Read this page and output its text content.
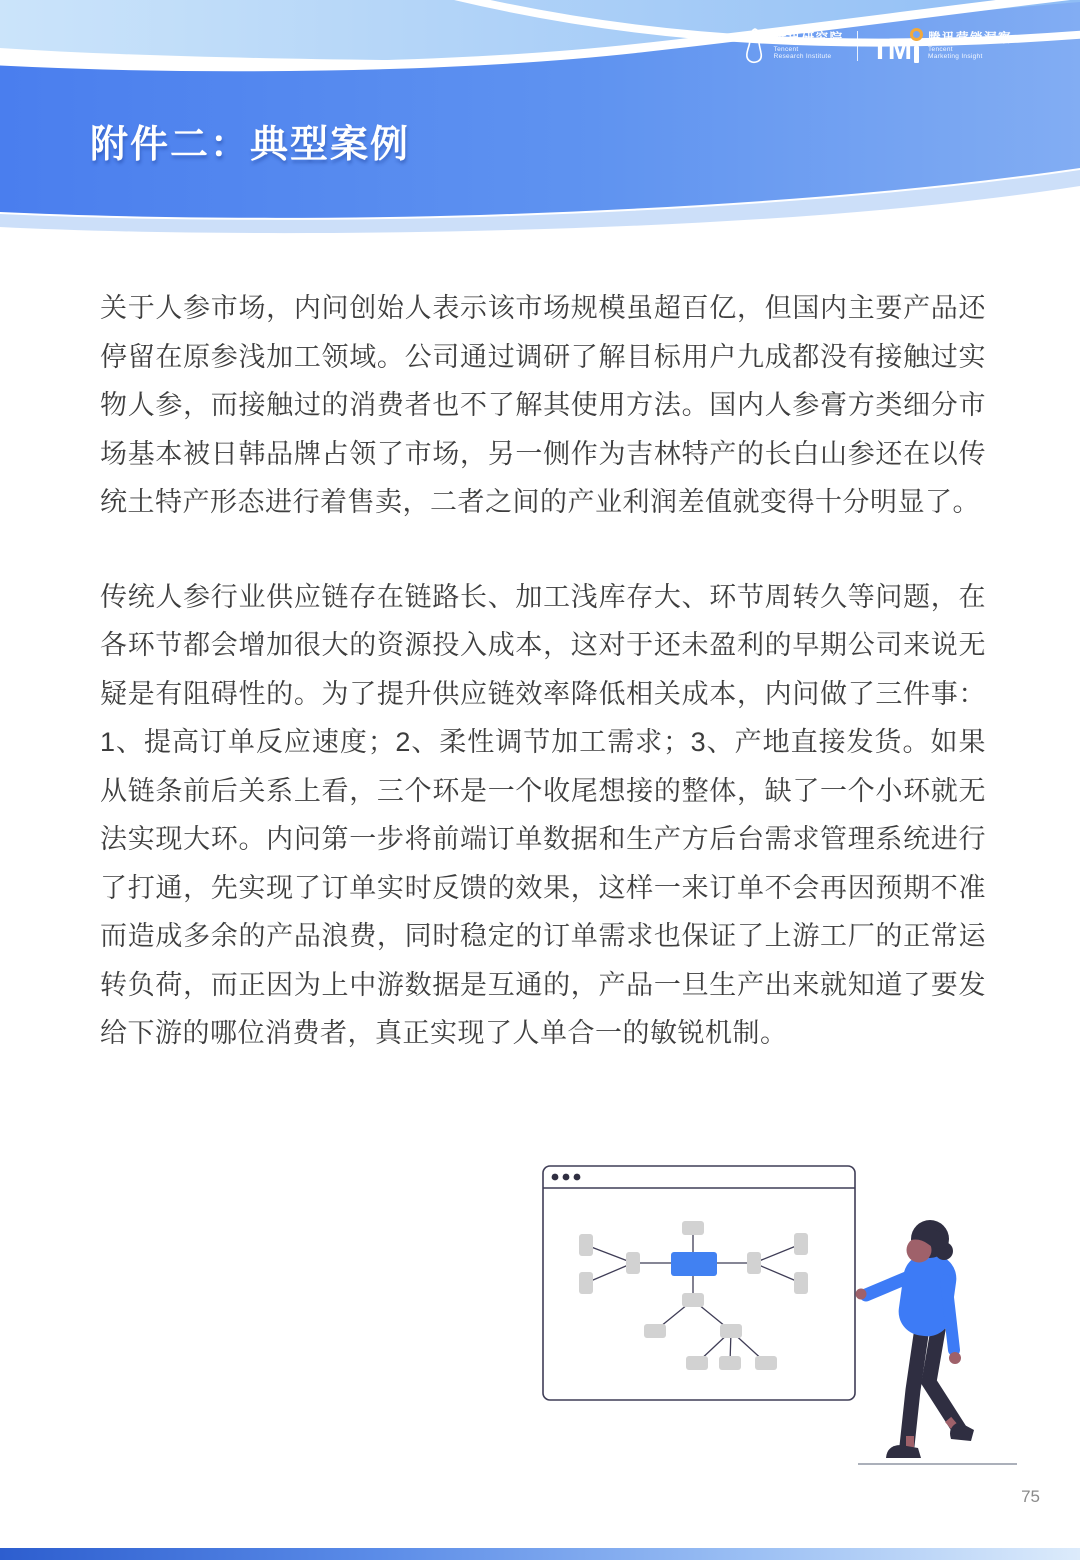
附件二：典型案例
腾讯研究院
Tencent
Research Institute	TM 腾讯营销洞察
Tencent
Marketing Insight

关于人参市场，内问创始人表示该市场规模虽超百亿，但国内主要产品还停留在原参浅加工领域。公司通过调研了解目标用户九成都没有接触过实物人参，而接触过的消费者也不了解其使用方法。国内人参膏方类细分市场基本被日韩品牌占领了市场，另一侧作为吉林特产的长白山参还在以传统土特产形态进行着售卖，二者之间的产业利润差值就变得十分明显了。

传统人参行业供应链存在链路长、加工浅库存大、环节周转久等问题，在各环节都会增加很大的资源投入成本，这对于还未盈利的早期公司来说无疑是有阻碍性的。为了提升供应链效率降低相关成本，内问做了三件事：1、提高订单反应速度；2、柔性调节加工需求；3、产地直接发货。如果从链条前后关系上看，三个环是一个收尾想接的整体，缺了一个小环就无法实现大环。内问第一步将前端订单数据和生产方后台需求管理系统进行了打通，先实现了订单实时反馈的效果，这样一来订单不会再因预期不准而造成多余的产品浪费，同时稳定的订单需求也保证了上游工厂的正常运转负荷，而正因为上中游数据是互通的，产品一旦生产出来就知道了要发给下游的哪位消费者，真正实现了人单合一的敏锐机制。

75
